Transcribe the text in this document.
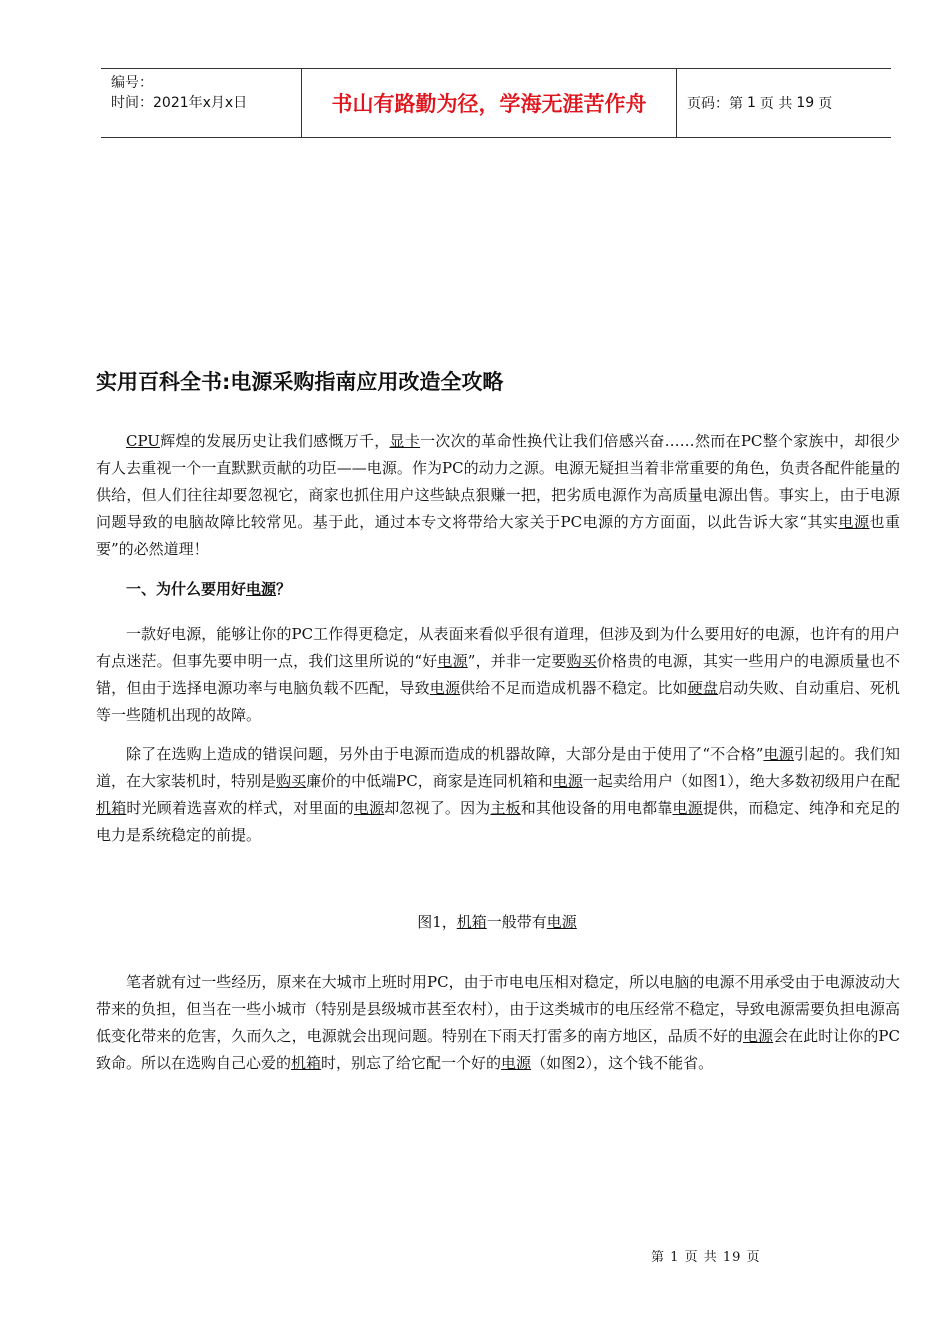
编号：
时间：2021年x月x日	书山有路勤为径，学海无涯苦作舟	页码：第 1 页 共 19 页
实用百科全书:电源采购指南应用改造全攻略
CPU辉煌的发展历史让我们感慨万千，显卡一次次的革命性换代让我们倍感兴奋……然而在PC整个家族中，却很少有人去重视一个一直默默贡献的功臣——电源。作为PC的动力之源。电源无疑担当着非常重要的角色，负责各配件能量的供给，但人们往往却要忽视它，商家也抓住用户这些缺点狠赚一把，把劣质电源作为高质量电源出售。事实上，由于电源问题导致的电脑故障比较常见。基于此，通过本专文将带给大家关于PC电源的方方面面，以此告诉大家“其实电源也重要”的必然道理！
一、为什么要用好电源？
一款好电源，能够让你的PC工作得更稳定，从表面来看似乎很有道理，但涉及到为什么要用好的电源，也许有的用户有点迷茫。但事先要申明一点，我们这里所说的“好电源”，并非一定要购买价格贵的电源，其实一些用户的电源质量也不错，但由于选择电源功率与电脑负载不匹配，导致电源供给不足而造成机器不稳定。比如硬盘启动失败、自动重启、死机等一些随机出现的故障。
除了在选购上造成的错误问题，另外由于电源而造成的机器故障，大部分是由于使用了“不合格”电源引起的。我们知道，在大家装机时，特别是购买廉价的中低端PC，商家是连同机箱和电源一起卖给用户（如图1），绝大多数初级用户在配机箱时光顾着选喜欢的样式，对里面的电源却忽视了。因为主板和其他设备的用电都靠电源提供，而稳定、纯净和充足的电力是系统稳定的前提。
图1，机箱一般带有电源
笔者就有过一些经历，原来在大城市上班时用PC，由于市电电压相对稳定，所以电脑的电源不用承受由于电源波动大带来的负担，但当在一些小城市（特别是县级城市甚至农村），由于这类城市的电压经常不稳定，导致电源需要负担电源高低变化带来的危害，久而久之，电源就会出现问题。特别在下雨天打雷多的南方地区，品质不好的电源会在此时让你的PC致命。所以在选购自己心爱的机箱时，别忘了给它配一个好的电源（如图2），这个钱不能省。
第 1 页 共 19 页
